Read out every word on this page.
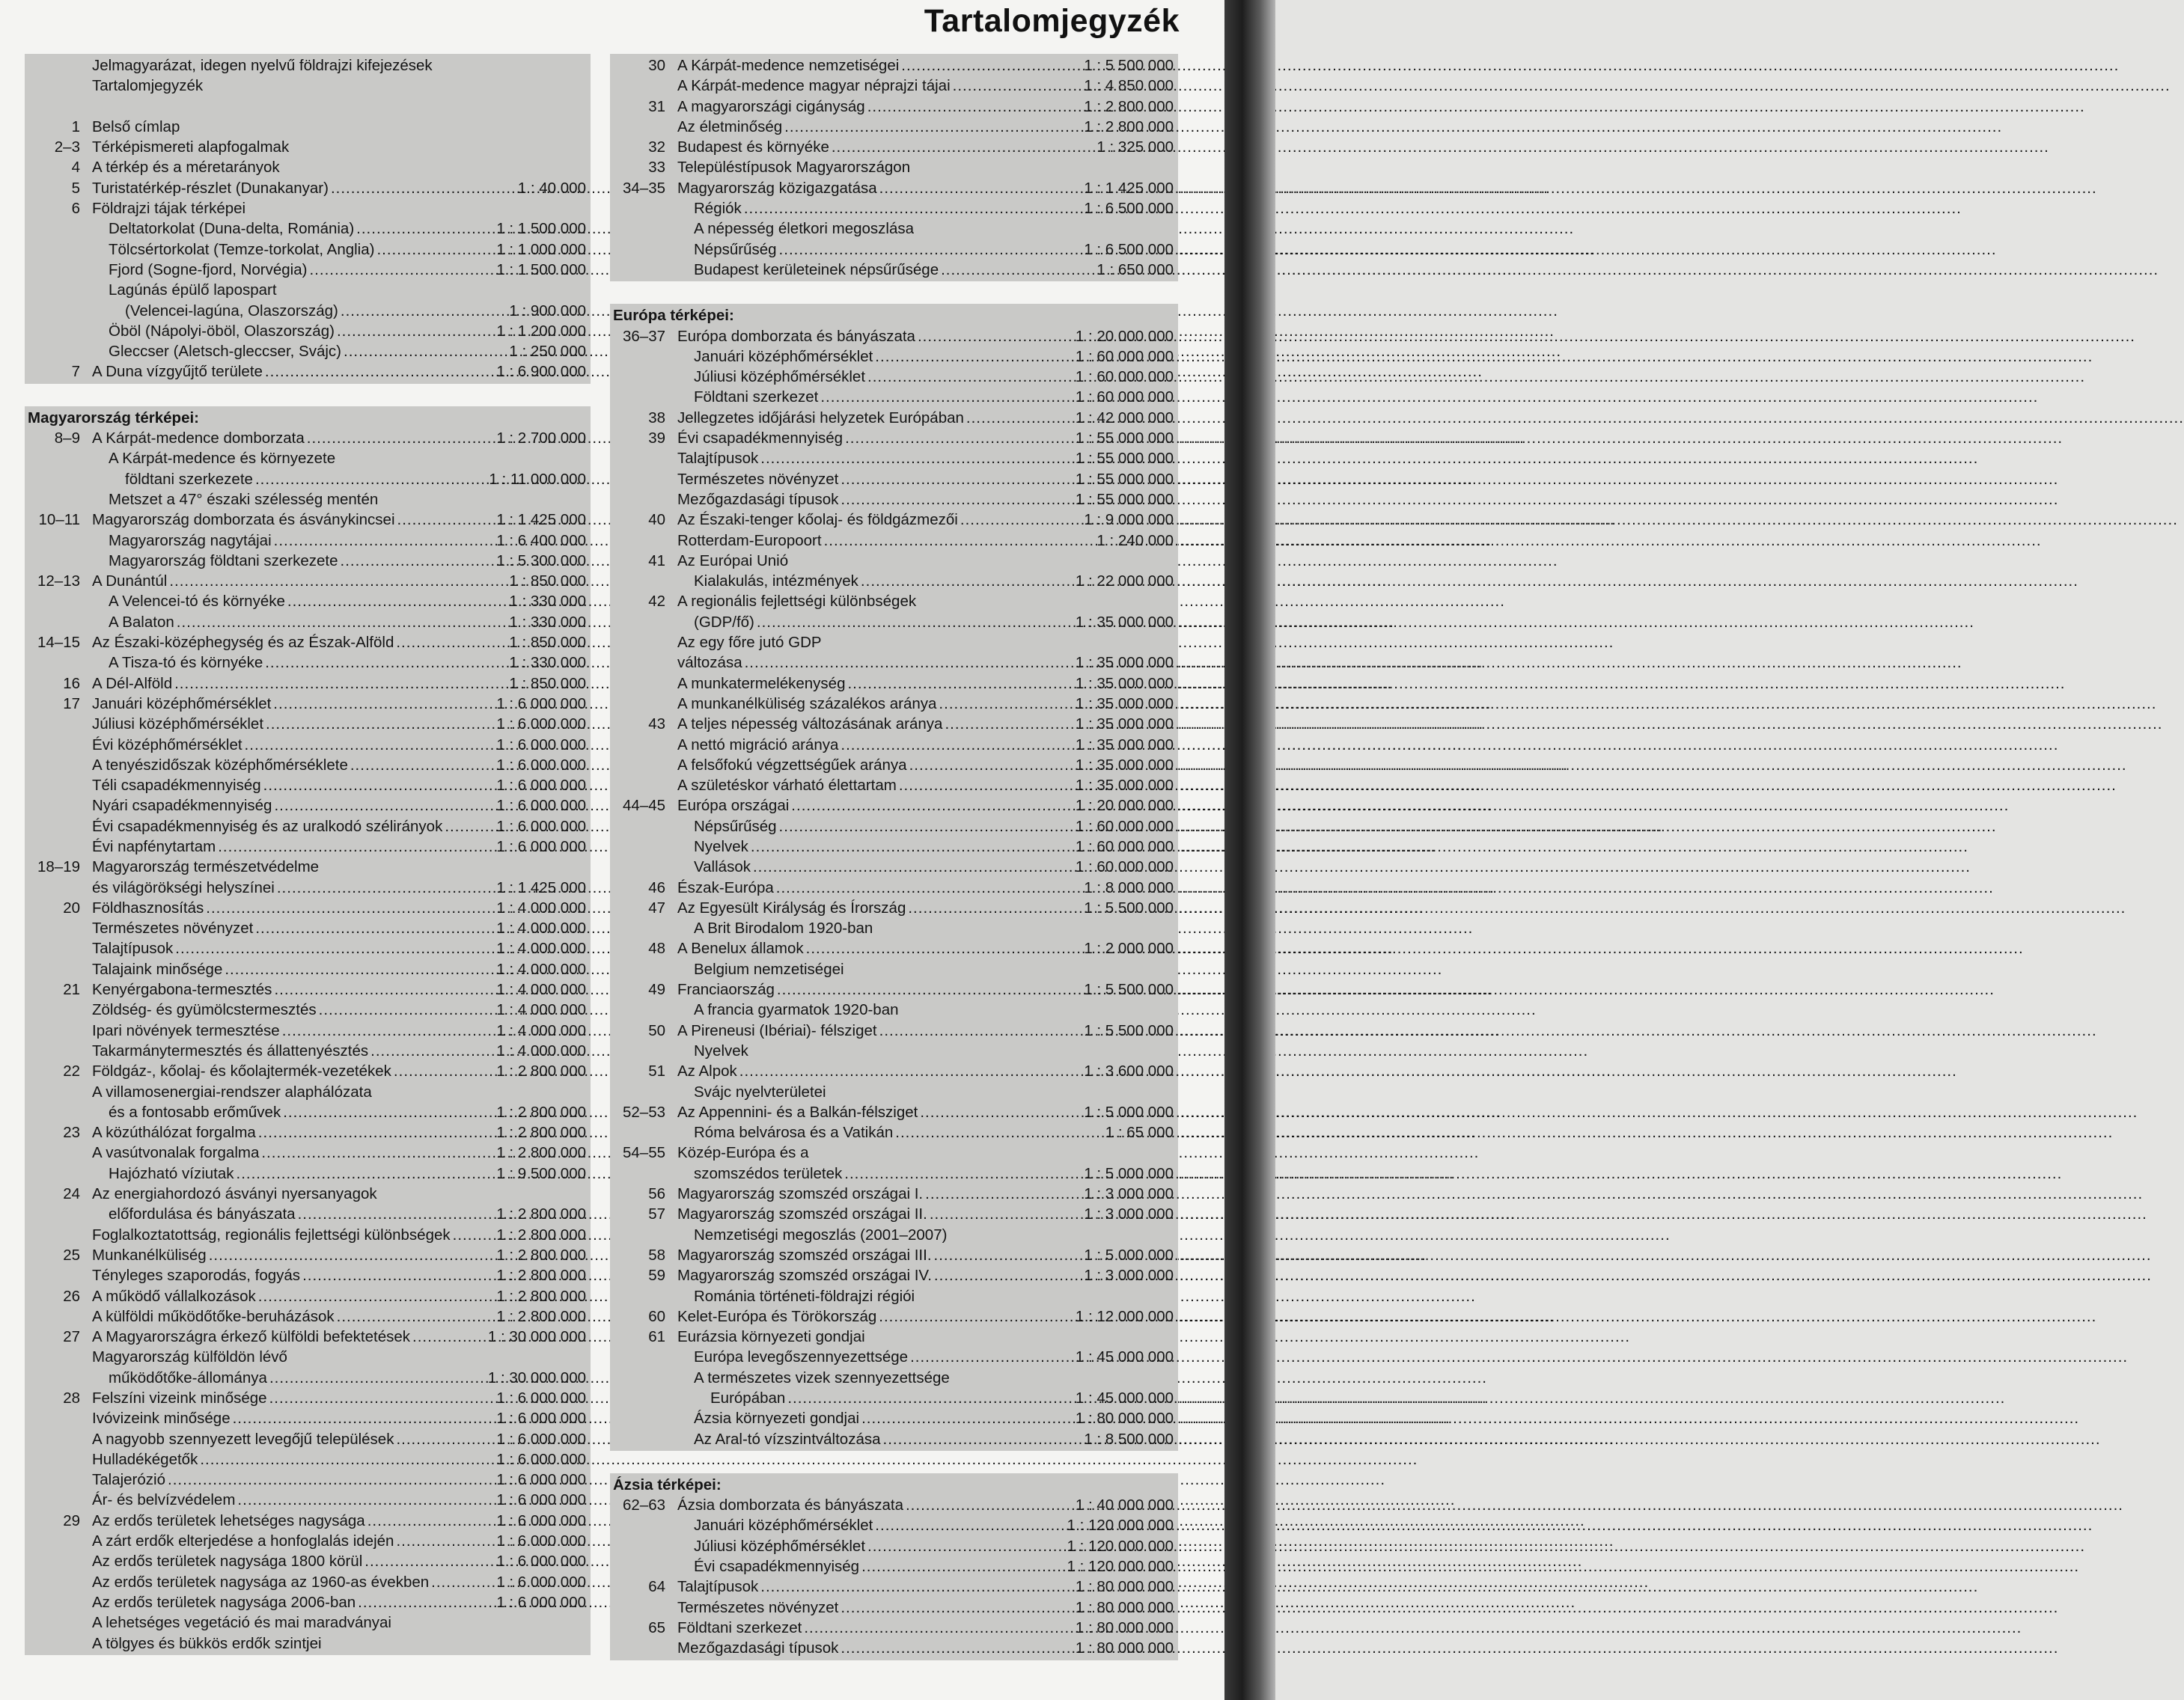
Tartalomjegyzék
Jelmagyarázat, idegen nyelvű földrajzi kifejezések
Tartalomjegyzék
1 Belső címlap
2–3 Térképismereti alapfogalmak
4 A térkép és a méretarányok
5 Turistatérkép-részlet (Dunakanyar) .....	1 : 40 000
6 Földrajzi tájak térképei
Deltatorkolat (Duna-delta, Románia) .....	1 : 1 500 000
Tölcsértorkolat (Temze-torkolat, Anglia) .....	1 : 1 000 000
Fjord (Sogne-fjord, Norvégia) .....	1 : 1 500 000
Lagúnás épülő lapospart
(Velencei-lagúna, Olaszország) .....	1 : 900 000
Öböl (Nápolyi-öböl, Olaszország) .....	1 : 1 200 000
Gleccser (Aletsch-gleccser, Svájc) .....	1 : 250 000
7 A Duna vízgyűjtő területe .....	1 : 6 900 000
Magyarország térképei:
8–9 A Kárpát-medence domborzata .....	1 : 2 700 000
A Kárpát-medence és környezete
földtani szerkezete .....	1 : 11 000 000
Metszet a 47° északi szélesség mentén
10–11 Magyarország domborzata és ásványkincsei .....	1 : 1 425 000
Magyarország nagytájai .....	1 : 6 400 000
Magyarország földtani szerkezete .....	1 : 5 300 000
12–13 A Dunántúl .....	1 : 850 000
A Velencei-tó és környéke .....	1 : 330 000
A Balaton .....	1 : 330 000
14–15 Az Északi-középhegység és az Észak-Alföld .....	1 : 850 000
A Tisza-tó és környéke .....	1 : 330 000
16 A Dél-Alföld .....	1 : 850 000
17 Januári középhőmérséklet .....	1 : 6 000 000
Júliusi középhőmérséklet .....	1 : 6 000 000
Évi középhőmérséklet .....	1 : 6 000 000
A tenyészidőszak középhőmérséklete .....	1 : 6 000 000
Téli csapadékmennyiség .....	1 : 6 000 000
Nyári csapadékmennyiség .....	1 : 6 000 000
Évi csapadékmennyiség és az uralkodó szélirányok .....	1 : 6 000 000
Évi napfénytartam .....	1 : 6 000 000
18–19 Magyarország természetvédelme
és világörökségi helyszínei .....	1 : 1 425 000
20 Földhasznosítás .....	1 : 4 000 000
Természetes növényzet .....	1 : 4 000 000
Talajtípusok .....	1 : 4 000 000
Talajaink minősége .....	1 : 4 000 000
21 Kenyérgabona-termesztés .....	1 : 4 000 000
Zöldség- és gyümölcstermesztés .....	1 : 4 000 000
Ipari növények termesztése .....	1 : 4 000 000
Takarmánytermesztés és állattenyésztés .....	1 : 4 000 000
22 Földgáz-, kőolaj- és kőolajtermék-vezetékek .....	1 : 2 800 000
A villamosenergiai-rendszer alaphálózata
és a fontosabb erőművek .....	1 : 2 800 000
23 A közúthálózat forgalma .....	1 : 2 800 000
A vasútvonalak forgalma .....	1 : 2 800 000
Hajózható víziutak .....	1 : 9 500 000
24 Az energiahordozó ásványi nyersanyagok
előfordulása és bányászata .....	1 : 2 800 000
Foglalkoztatottság, regionális fejlettségi különbségek .....	1 : 2 800 000
25 Munkanélküliség .....	1 : 2 800 000
Tényleges szaporodás, fogyás .....	1 : 2 800 000
26 A működő vállalkozások .....	1 : 2 800 000
A külföldi működőtőke-beruházások .....	1 : 2 800 000
27 A Magyarországra érkező külföldi befektetések .....	1 : 30 000 000
Magyarország külföldön lévő
működőtőke-állománya .....	1 : 30 000 000
28 Felszíni vizeink minősége .....	1 : 6 000 000
Ivóvizeink minősége .....	1 : 6 000 000
A nagyobb szennyezett levegőjű települések .....	1 : 6 000 000
Hulladékégetők .....	1 : 6 000 000
Talajerózió .....	1 : 6 000 000
Ár- és belvízvédelem .....	1 : 6 000 000
29 Az erdős területek lehetséges nagysága .....	1 : 6 000 000
A zárt erdők elterjedése a honfoglalás idején .....	1 : 6 000 000
Az erdős területek nagysága 1800 körül .....	1 : 6 000 000
Az erdős területek nagysága az 1960-as években .....	1 : 6 000 000
Az erdős területek nagysága 2006-ban .....	1 : 6 000 000
A lehetséges vegetáció és mai maradványai
A tölgyes és bükkös erdők szintjei
30 A Kárpát-medence nemzetiségei .....	1 : 5 500 000
A Kárpát-medence magyar néprajzi tájai .....	1 : 4 850 000
31 A magyarországi cigányság .....	1 : 2 800 000
Az életminőség .....	1 : 2 800 000
32 Budapest és környéke .....	1 : 325 000
33 Településtípusok Magyarországon
34–35 Magyarország közigazgatása .....	1 : 1 425 000
Régiók .....	1 : 6 500 000
A népesség életkori megoszlása
Népsűrűség .....	1 : 6 500 000
Budapest kerületeinek népsűrűsége .....	1 : 650 000
Európa térképei:
36–37 Európa domborzata és bányászata .....	1 : 20 000 000
Januári középhőmérséklet .....	1 : 60 000 000
Júliusi középhőmérséklet .....	1 : 60 000 000
Földtani szerkezet .....	1 : 60 000 000
38 Jellegzetes időjárási helyzetek Európában .....	1 : 42 000 000
39 Évi csapadékmennyiség .....	1 : 55 000 000
Talajtípusok .....	1 : 55 000 000
Természetes növényzet .....	1 : 55 000 000
Mezőgazdasági típusok .....	1 : 55 000 000
40 Az Északi-tenger kőolaj- és földgázmezői .....	1 : 9 000 000
Rotterdam-Europoort .....	1 : 240 000
41 Az Európai Unió
Kialakulás, intézmények .....	1 : 22 000 000
42 A regionális fejlettségi különbségek
(GDP/fő) .....	1 : 35 000 000
Az egy főre jutó GDP
változása .....	1 : 35 000 000
A munkatermelékenység .....	1 : 35 000 000
A munkanélküliség százalékos aránya .....	1 : 35 000 000
43 A teljes népesség változásának aránya .....	1 : 35 000 000
A nettó migráció aránya .....	1 : 35 000 000
A felsőfokú végzettségűek aránya .....	1 : 35 000 000
A születéskor várható élettartam .....	1 : 35 000 000
44–45 Európa országai .....	1 : 20 000 000
Népsűrűség .....	1 : 60 000 000
Nyelvek .....	1 : 60 000 000
Vallások .....	1 : 60 000 000
46 Észak-Európa .....	1 : 8 000 000
47 Az Egyesült Királyság és Írország .....	1 : 5 500 000
A Brit Birodalom 1920-ban
48 A Benelux államok .....	1 : 2 000 000
Belgium nemzetiségei
49 Franciaország .....	1 : 5 500 000
A francia gyarmatok 1920-ban
50 A Pireneusi (Ibériai)- félsziget .....	1 : 5 500 000
Nyelvek
51 Az Alpok .....	1 : 3 600 000
Svájc nyelvterületei
52–53 Az Appennini- és a Balkán-félsziget .....	1 : 5 000 000
Róma belvárosa és a Vatikán .....	1 : 65 000
54–55 Közép-Európa és a
szomszédos területek .....	1 : 5 000 000
56 Magyarország szomszéd országai I. .....	1 : 3 000 000
57 Magyarország szomszéd országai II. .....	1 : 3 000 000
Nemzetiségi megoszlás (2001–2007)
58 Magyarország szomszéd országai III. .....	1 : 5 000 000
59 Magyarország szomszéd országai IV. .....	1 : 3 000 000
Románia történeti-földrajzi régiói
60 Kelet-Európa és Törökország .....	1 : 12 000 000
61 Eurázsia környezeti gondjai
Európa levegőszennyezettsége .....	1 : 45 000 000
A természetes vizek szennyezettsége
Európában .....	1 : 45 000 000
Ázsia környezeti gondjai .....	1 : 80 000 000
Az Aral-tó vízszintváltozása .....	1 : 8 500 000
Ázsia térképei:
62–63 Ázsia domborzata és bányászata .....	1 : 40 000 000
Januári középhőmérséklet .....	1 : 120 000 000
Júliusi középhőmérséklet .....	1 : 120 000 000
Évi csapadékmennyiség .....	1 : 120 000 000
64 Talajtípusok .....	1 : 80 000 000
Természetes növényzet .....	1 : 80 000 000
65 Földtani szerkezet .....	1 : 80 000 000
Mezőgazdasági típusok .....	1 : 80 000 000
